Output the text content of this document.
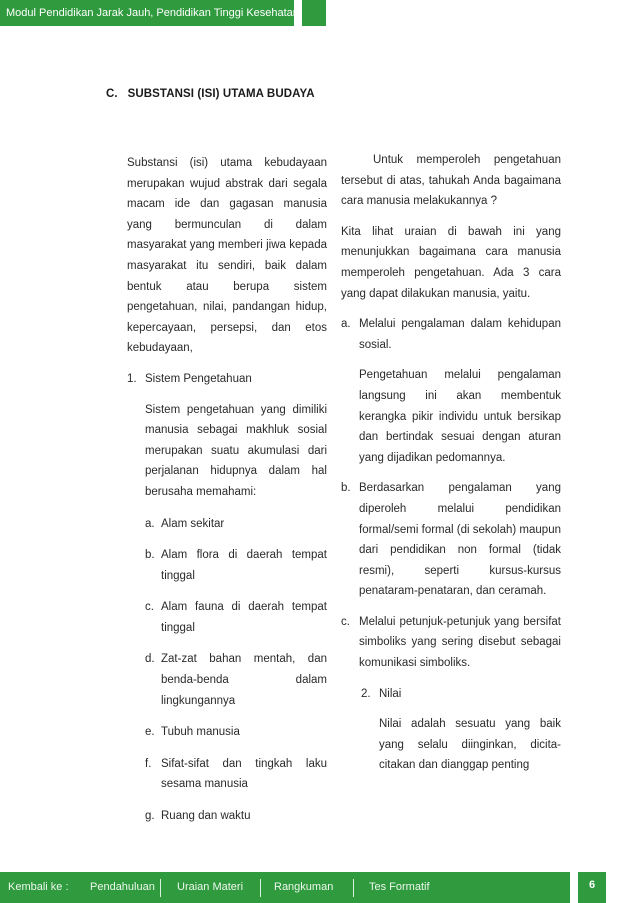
Modul Pendidikan Jarak Jauh, Pendidikan Tinggi Kesehatan
C.   SUBSTANSI (ISI) UTAMA BUDAYA

Substansi (isi) utama kebudayaan merupakan wujud abstrak dari segala macam ide dan gagasan manusia yang bermunculan di dalam masyarakat yang memberi jiwa kepada masyarakat itu sendiri, baik dalam bentuk atau berupa sistem pengetahuan, nilai, pandangan hidup, kepercayaan, persepsi, dan etos kebudayaan,

1. Sistem Pengetahuan

Sistem pengetahuan yang dimiliki manusia sebagai makhluk sosial merupakan suatu akumulasi dari perjalanan hidupnya dalam hal berusaha memahami:

a. Alam sekitar

b. Alam flora di daerah tempat tinggal

c. Alam fauna di daerah tempat tinggal

d. Zat-zat bahan mentah, dan benda-benda dalam lingkungannya

e. Tubuh manusia

f. Sifat-sifat dan tingkah laku sesama manusia

g. Ruang dan waktu

Untuk memperoleh pengetahuan tersebut di atas, tahukah Anda bagaimana cara manusia melakukannya ?

Kita lihat uraian di bawah ini yang menunjukkan bagaimana cara manusia memperoleh pengetahuan. Ada 3 cara yang dapat dilakukan manusia, yaitu.

a. Melalui pengalaman dalam kehidupan sosial.

Pengetahuan melalui pengalaman langsung ini akan membentuk kerangka pikir individu untuk bersikap dan bertindak sesuai dengan aturan yang dijadikan pedomannya.

b. Berdasarkan pengalaman yang diperoleh melalui pendidikan formal/semi formal (di sekolah) maupun dari pendidikan non formal (tidak resmi), seperti kursus-kursus penataram-penataran, dan ceramah.

c. Melalui petunjuk-petunjuk yang bersifat simboliks yang sering disebut sebagai komunikasi simboliks.

2. Nilai

Nilai adalah sesuatu yang baik yang selalu diinginkan, dicita-citakan dan dianggap penting

Kembali ke : Pendahuluan Uraian Materi	Rangkuman	Tes Formatif	6
